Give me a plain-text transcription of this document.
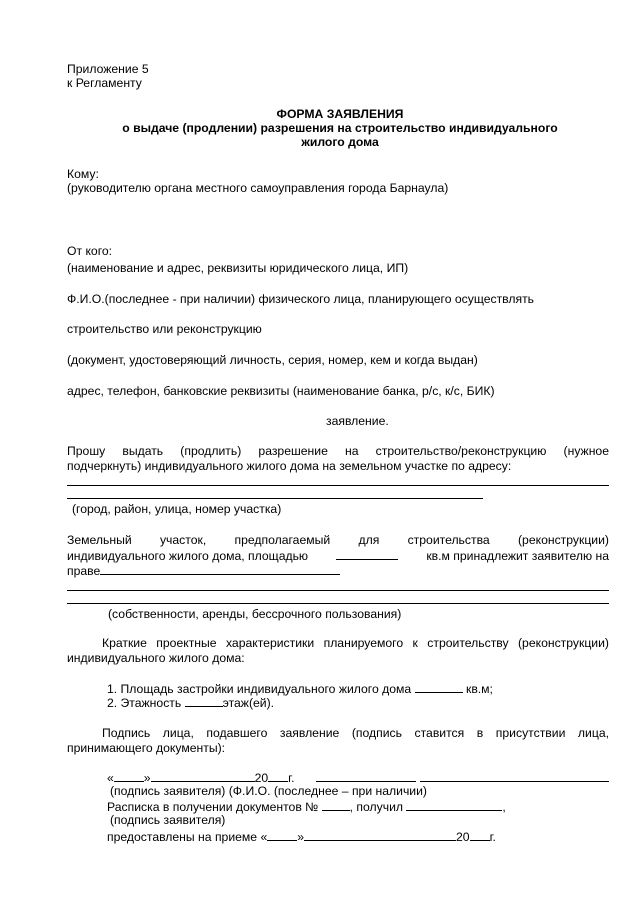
Приложение 5
к Регламенту
ФОРМА ЗАЯВЛЕНИЯ
о выдаче (продлении) разрешения на строительство индивидуального
жилого дома
Кому:
(руководителю органа местного самоуправления города Барнаула)
От кого:
(наименование и адрес, реквизиты юридического лица, ИП)
Ф.И.О.(последнее - при наличии) физического лица, планирующего осуществлять
строительство или реконструкцию
(документ, удостоверяющий личность, серия, номер, кем и когда выдан)
адрес, телефон, банковские реквизиты (наименование банка, р/с, к/с, БИК)
заявление.
Прошу выдать (продлить) разрешение на строительство/реконструкцию (нужное
подчеркнуть) индивидуального жилого дома на земельном участке по адресу:
(город, район, улица, номер участка)
Земельный участок, предполагаемый для строительства (реконструкции)
индивидуального жилого дома, площадью	кв.м принадлежит заявителю на
праве
(собственности, аренды, бессрочного пользования)
Краткие проектные характеристики планируемого к строительству (реконструкции)
индивидуального жилого дома:
1. Площадь застройки индивидуального жилого дома	кв.м;
2. Этажность	этаж(ей).
Подпись лица, подавшего заявление (подпись ставится в присутствии лица,
принимающего документы):
« »	20 г.
(подпись заявителя) (Ф.И.О. (последнее – при наличии)
Расписка в получении документов №	, получил	,
(подпись заявителя)
предоставлены на приеме « »	20 г.
